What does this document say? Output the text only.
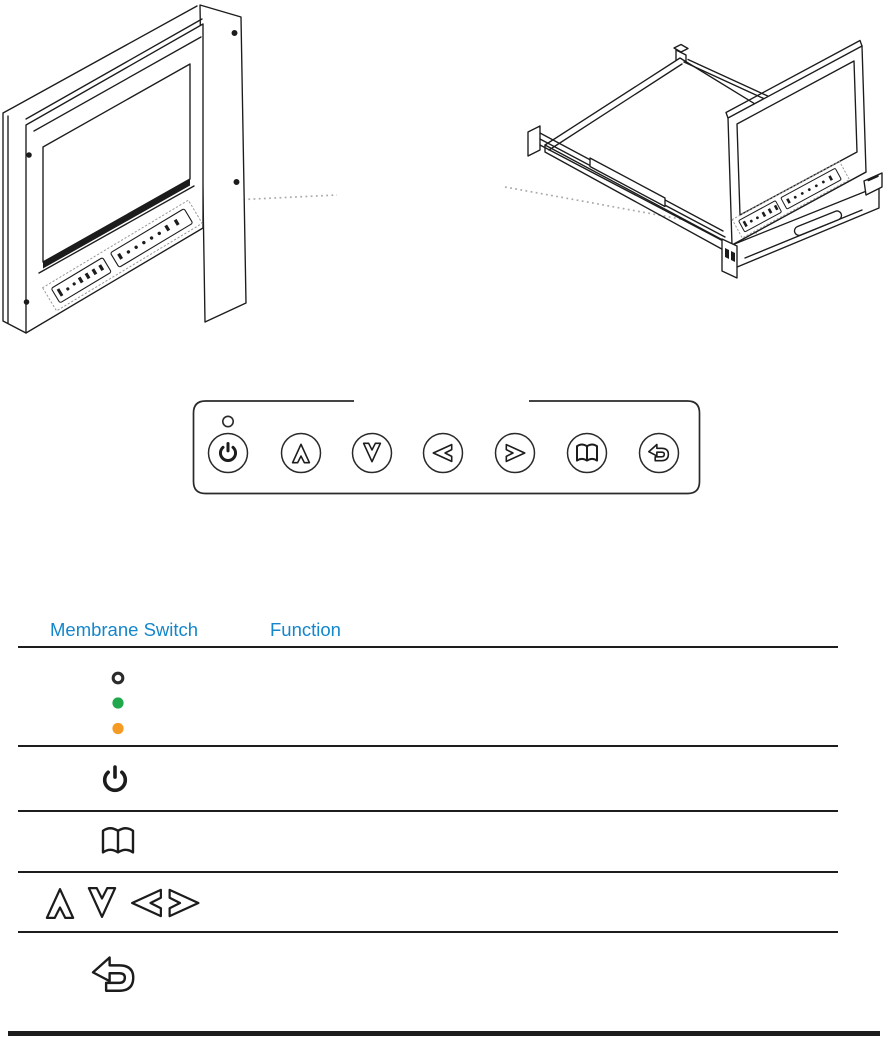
Membrane Switch	Function
